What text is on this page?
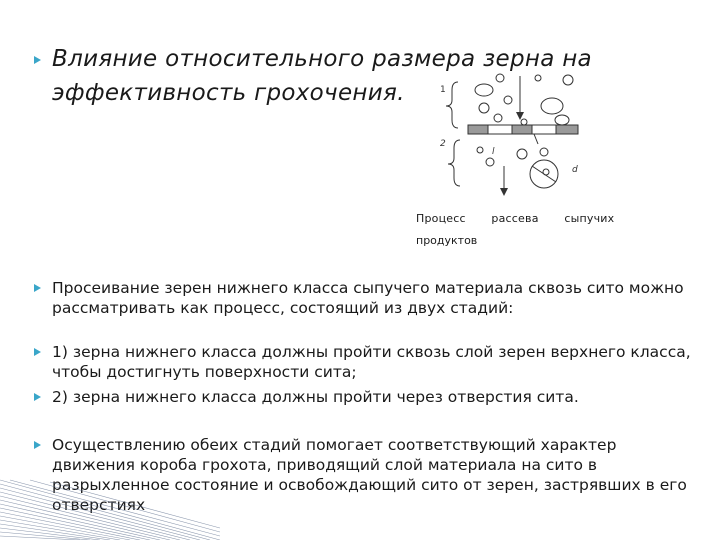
Влияние относительного размера зерна на эффективность грохочения.	1
2
l
d
Процесс рассева сыпучих
продуктов
Просеивание зерен нижнего класса сыпучего материала сквозь сито можно рассматривать как процесс, состоящий из двух стадий:
1) зерна нижнего класса должны пройти сквозь слой зерен верхнего класса, чтобы достигнуть поверхности сита;
2) зерна нижнего класса должны пройти через отверстия сита.
Осуществлению обеих стадий помогает соответствующий характер движения короба грохота, приводящий слой материала на сито в разрыхленное состояние и освобождающий сито от зерен, застрявших в его отверстиях
